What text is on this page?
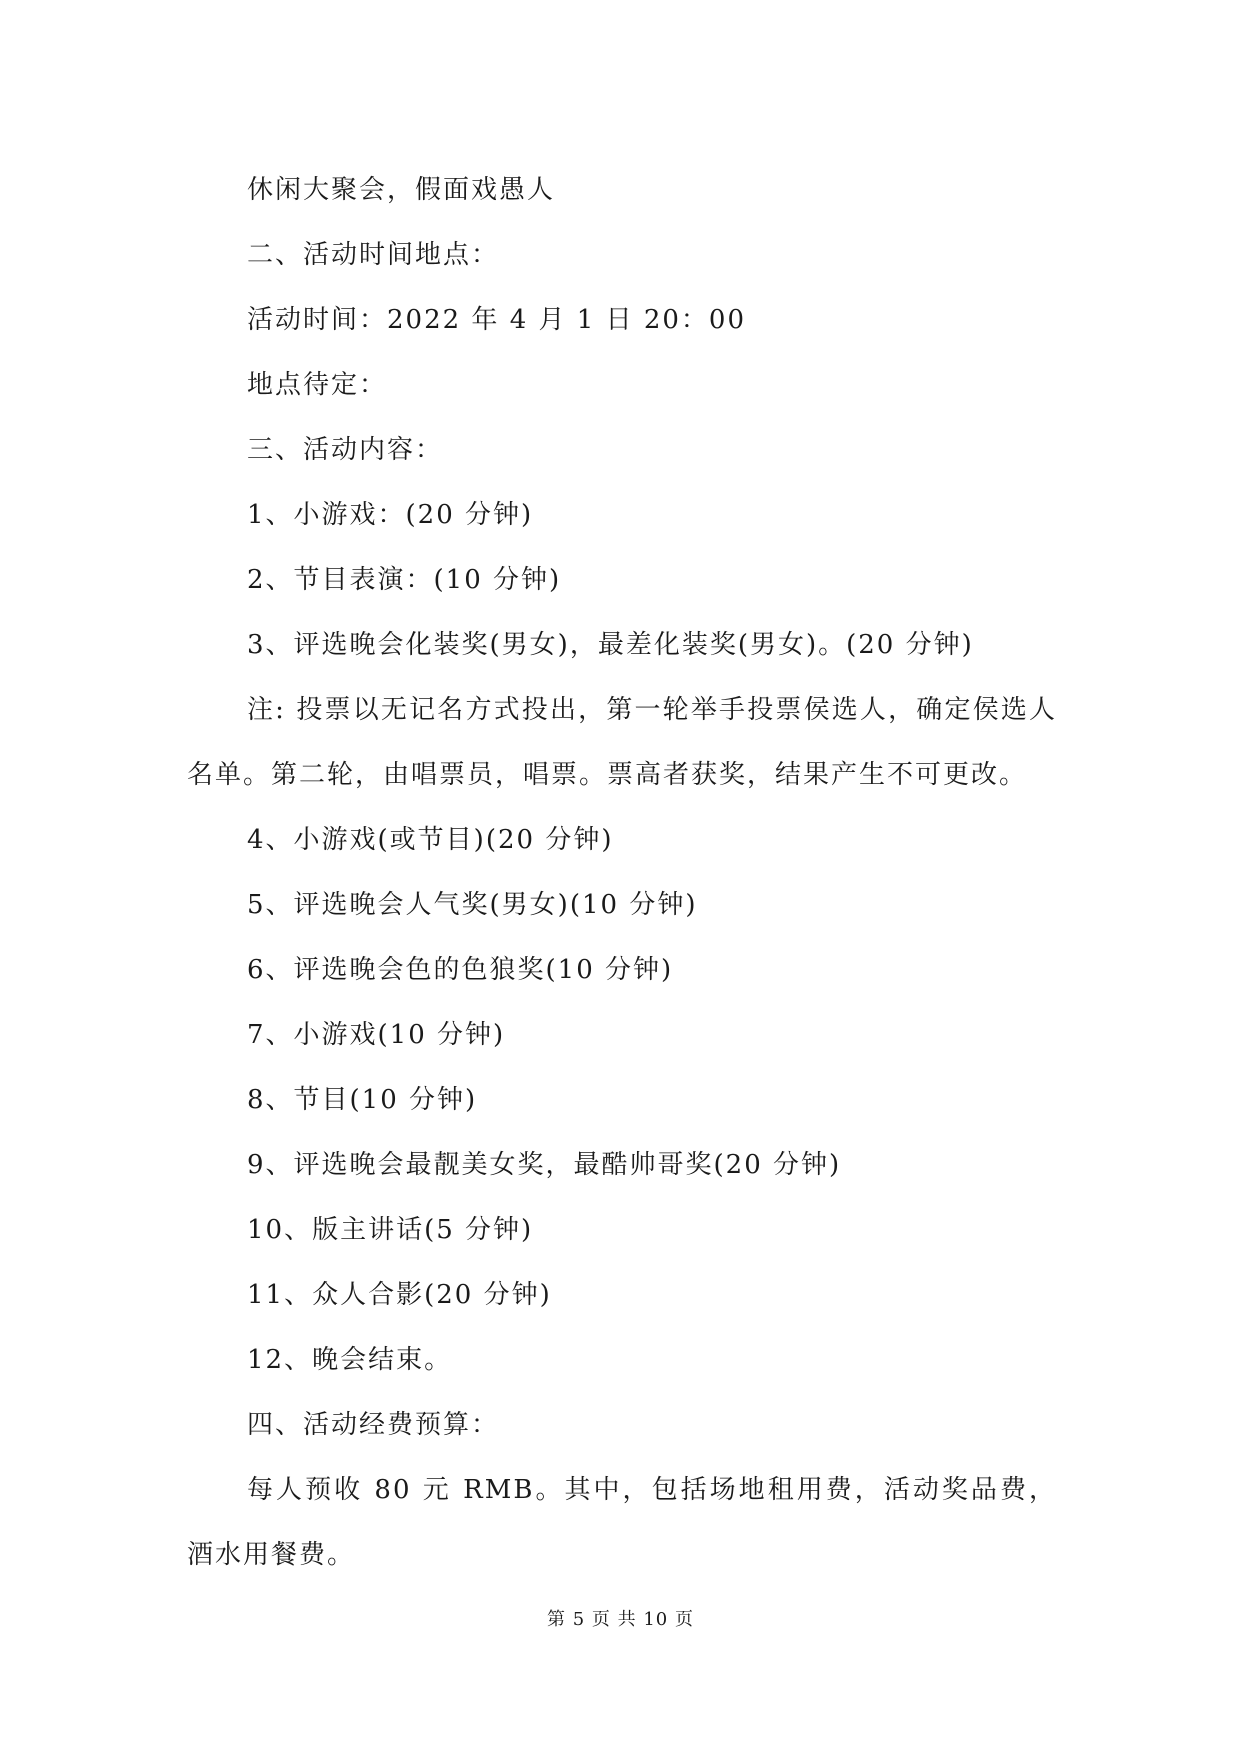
休闲大聚会，假面戏愚人
二、活动时间地点：
活动时间：2022 年 4 月 1 日 20：00
地点待定：
三、活动内容：
1、小游戏：(20 分钟)
2、节目表演：(10 分钟)
3、评选晚会化装奖(男女)，最差化装奖(男女)。(20 分钟)
注: 投票以无记名方式投出，第一轮举手投票侯选人，确定侯选人名单。第二轮，由唱票员，唱票。票高者获奖，结果产生不可更改。
4、小游戏(或节目)(20 分钟)
5、评选晚会人气奖(男女)(10 分钟)
6、评选晚会色的色狼奖(10 分钟)
7、小游戏(10 分钟)
8、节目(10 分钟)
9、评选晚会最靓美女奖，最酷帅哥奖(20 分钟)
10、版主讲话(5 分钟)
11、众人合影(20 分钟)
12、晚会结束。
四、活动经费预算：
每人预收 80 元 RMB。其中，包括场地租用费，活动奖品费，酒水用餐费。
第 5 页 共 10 页
